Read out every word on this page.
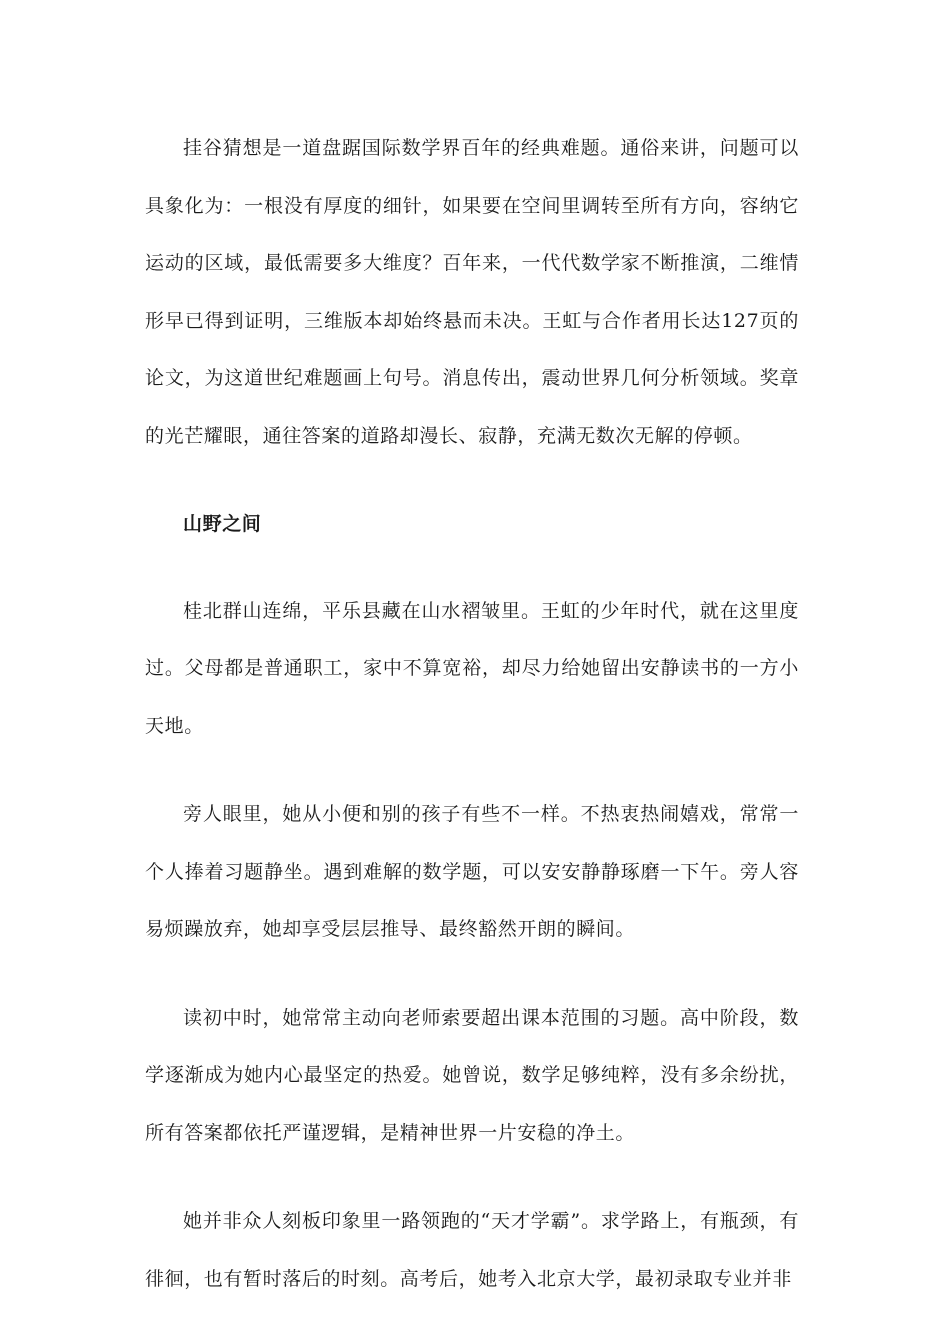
挂谷猜想是一道盘踞国际数学界百年的经典难题。通俗来讲，问题可以具象化为：一根没有厚度的细针，如果要在空间里调转至所有方向，容纳它运动的区域，最低需要多大维度？百年来，一代代数学家不断推演，二维情形早已得到证明，三维版本却始终悬而未决。王虹与合作者用长达127页的论文，为这道世纪难题画上句号。消息传出，震动世界几何分析领域。奖章的光芒耀眼，通往答案的道路却漫长、寂静，充满无数次无解的停顿。

山野之间

桂北群山连绵，平乐县藏在山水褶皱里。王虹的少年时代，就在这里度过。父母都是普通职工，家中不算宽裕，却尽力给她留出安静读书的一方小天地。

旁人眼里，她从小便和别的孩子有些不一样。不热衷热闹嬉戏，常常一个人捧着习题静坐。遇到难解的数学题，可以安安静静琢磨一下午。旁人容易烦躁放弃，她却享受层层推导、最终豁然开朗的瞬间。

读初中时，她常常主动向老师索要超出课本范围的习题。高中阶段，数学逐渐成为她内心最坚定的热爱。她曾说，数学足够纯粹，没有多余纷扰，所有答案都依托严谨逻辑，是精神世界一片安稳的净土。

她并非众人刻板印象里一路领跑的“天才学霸”。求学路上，有瓶颈，有徘徊，也有暂时落后的时刻。高考后，她考入北京大学，最初录取专业并非
